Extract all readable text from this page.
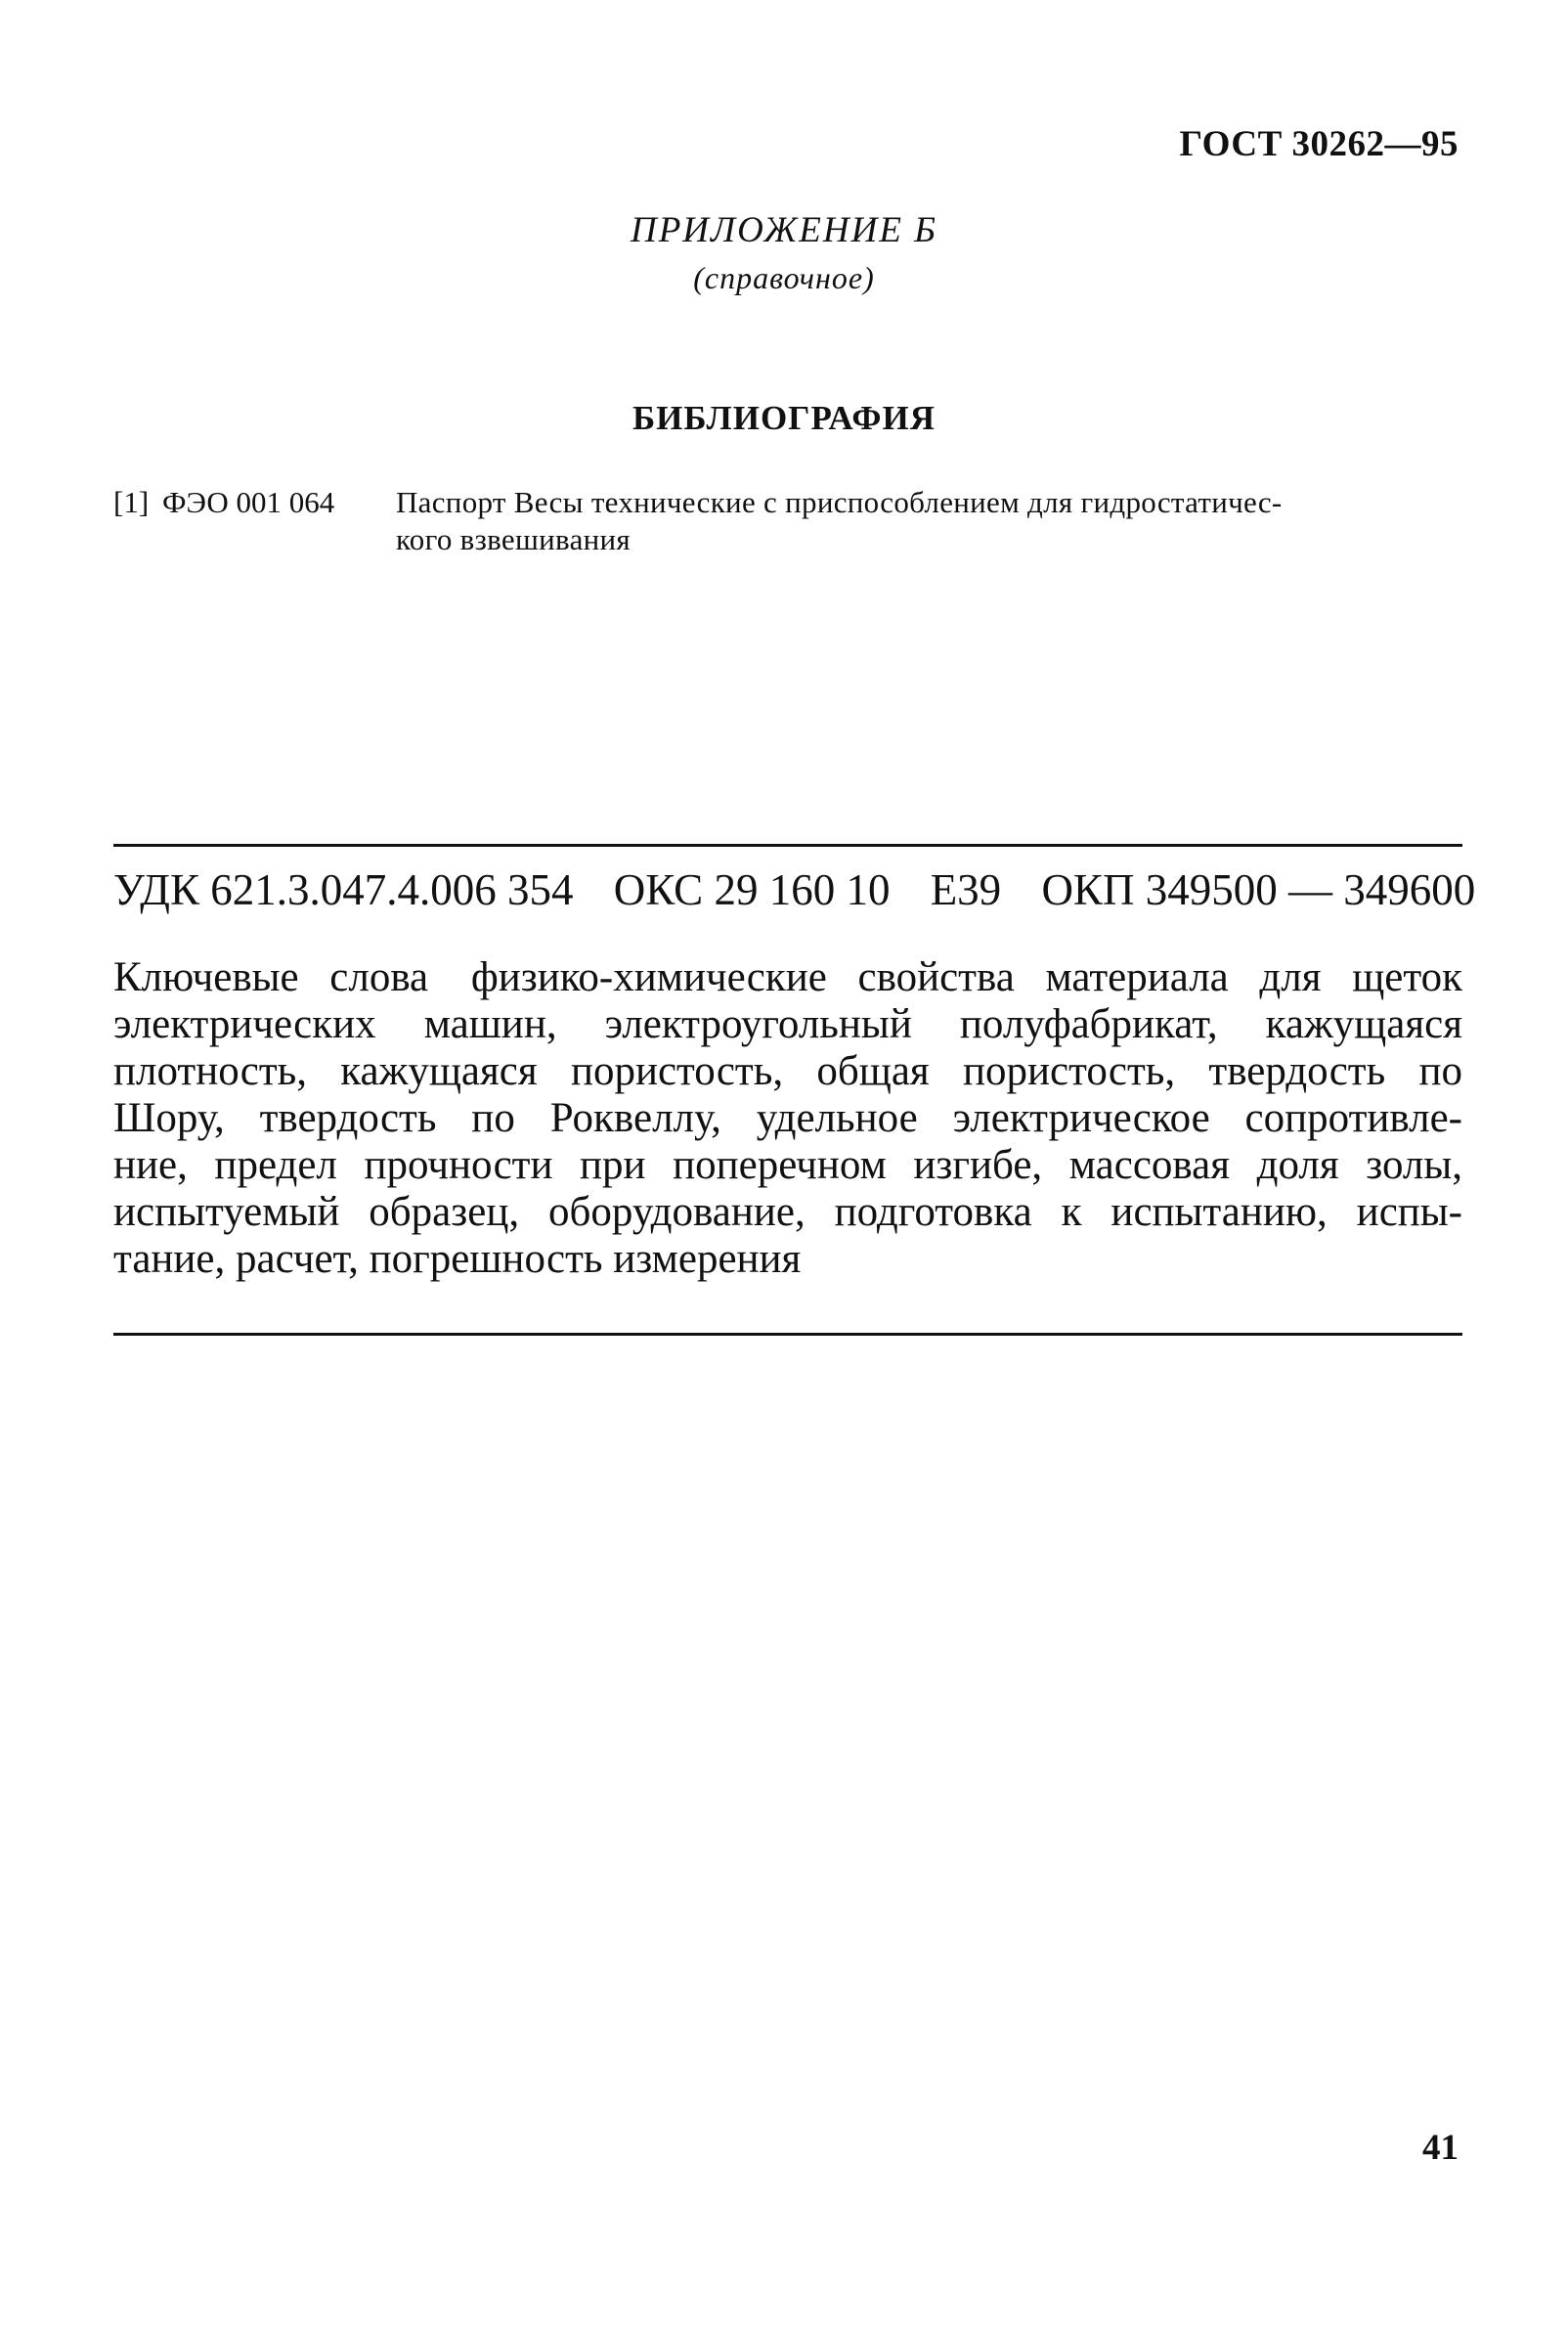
ГОСТ 30262—95
ПРИЛОЖЕНИЕ Б
(справочное)
БИБЛИОГРАФИЯ
[1] ФЭО 001 064 Паспорт Весы технические с приспособлением для гидростатичес-
кого взвешивания
УДК 621.3.047.4.006 354 ОКС 29 160 10 Е39 ОКП 349500 — 349600
Ключевые слова физико-химические свойства материала для щеток
электрических машин, электроугольный полуфабрикат, кажущаяся
плотность, кажущаяся пористость, общая пористость, твердость по
Шору, твердость по Роквеллу, удельное электрическое сопротивле-
ние, предел прочности при поперечном изгибе, массовая доля золы,
испытуемый образец, оборудование, подготовка к испытанию, испы-
тание, расчет, погрешность измерения
41
